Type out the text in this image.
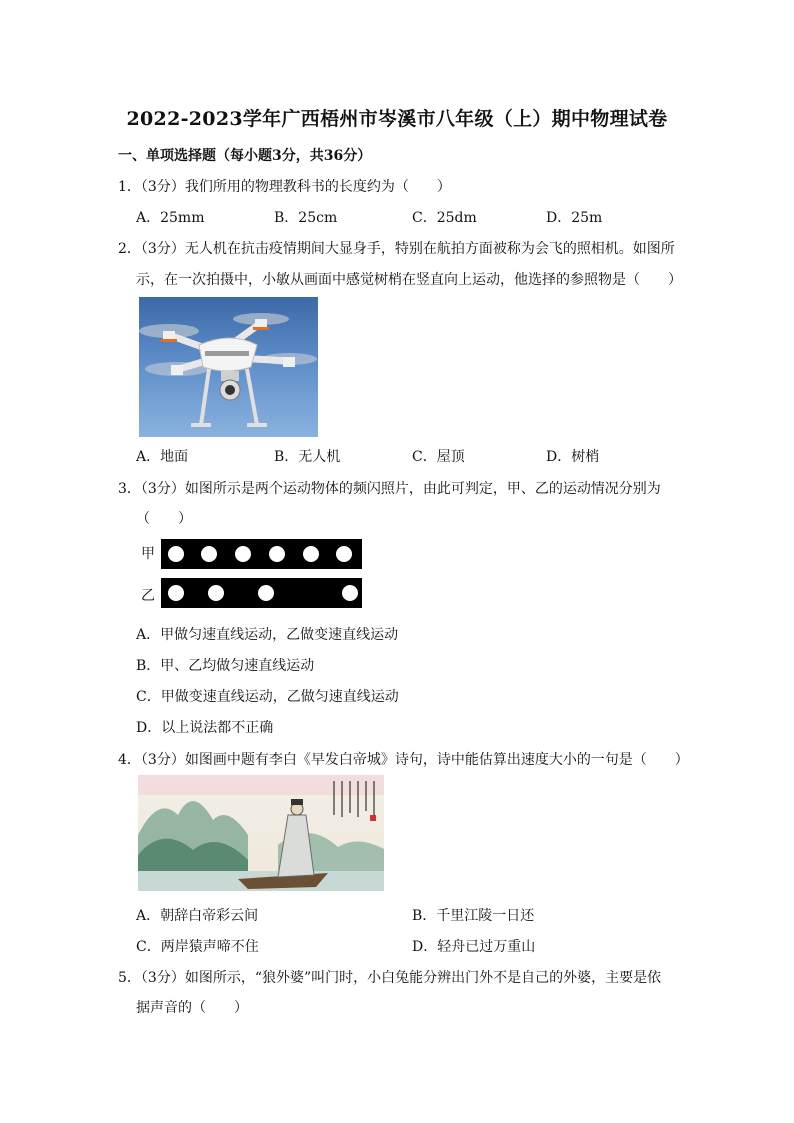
2022-2023学年广西梧州市岑溪市八年级（上）期中物理试卷
一、单项选择题（每小题3分，共36分）
1．（3分）我们所用的物理教科书的长度约为（　　）
A．25mm	B．25cm	C．25dm	D．25m
2．（3分）无人机在抗击疫情期间大显身手，特别在航拍方面被称为会飞的照相机。如图所
示，在一次拍摄中，小敏从画面中感觉树梢在竖直向上运动，他选择的参照物是（　　）
A．地面	B．无人机	C．屋顶	D．树梢
3．（3分）如图所示是两个运动物体的频闪照片，由此可判定，甲、乙的运动情况分别为
（　　）
甲
乙
A．甲做匀速直线运动，乙做变速直线运动
B．甲、乙均做匀速直线运动
C．甲做变速直线运动，乙做匀速直线运动
D．以上说法都不正确
4．（3分）如图画中题有李白《早发白帝城》诗句，诗中能估算出速度大小的一句是（　　）
A．朝辞白帝彩云间	B．千里江陵一日还
C．两岸猿声啼不住	D．轻舟已过万重山
5．（3分）如图所示，“狼外婆”叫门时，小白兔能分辨出门外不是自己的外婆，主要是依
据声音的（　　）
